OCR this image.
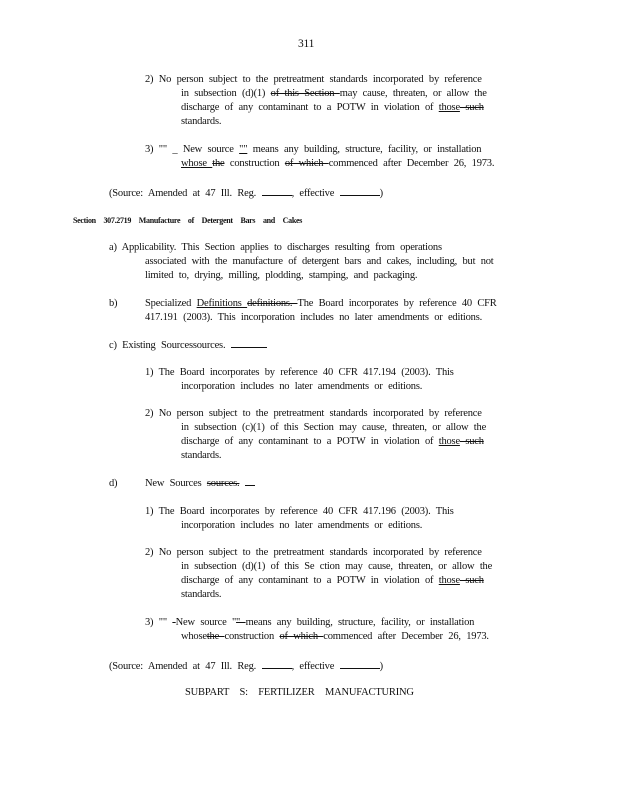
311
2) No person subject to the pretreatment standards incorporated by reference
in subsection (d)(1) of this Section may cause, threaten, or allow the
discharge of any contaminant to a POTW in violation of those such
standards.
3) "" _ New source "" means any building, structure, facility, or installation
whose the construction of which commenced after December 26, 1973.
(Source: Amended at 47 Ill. Reg.	, effective	)
Section 307.2719 Manufacture of Detergent Bars and Cakes
a) Applicability. This Section applies to discharges resulting from operations
associated with the manufacture of detergent bars and cakes, including, but not
limited to, drying, milling, plodding, stamping, and packaging.
b)	Specialized Definitions definitions. The Board incorporates by reference 40 CFR
417.191 (2003). This incorporation includes no later amendments or editions.
c) Existing Sourcessources.
1) The Board incorporates by reference 40 CFR 417.194 (2003). This
incorporation includes no later amendments or editions.
2) No person subject to the pretreatment standards incorporated by reference
in subsection (c)(1) of this Section may cause, threaten, or allow the
discharge of any contaminant to a POTW in violation of those such
standards.
d)	New Sources sources.
1) The Board incorporates by reference 40 CFR 417.196 (2003). This
incorporation includes no later amendments or editions.
2) No person subject to the pretreatment standards incorporated by reference
in subsection (d)(1) of this Se ction may cause, threaten, or allow the
discharge of any contaminant to a POTW in violation of those such
standards.
3) "" -New source "" means any building, structure, facility, or installation
whosethe construction of which commenced after December 26, 1973.
(Source: Amended at 47 Ill. Reg.	, effective	)
SUBPART S: FERTILIZER MANUFACTURING
